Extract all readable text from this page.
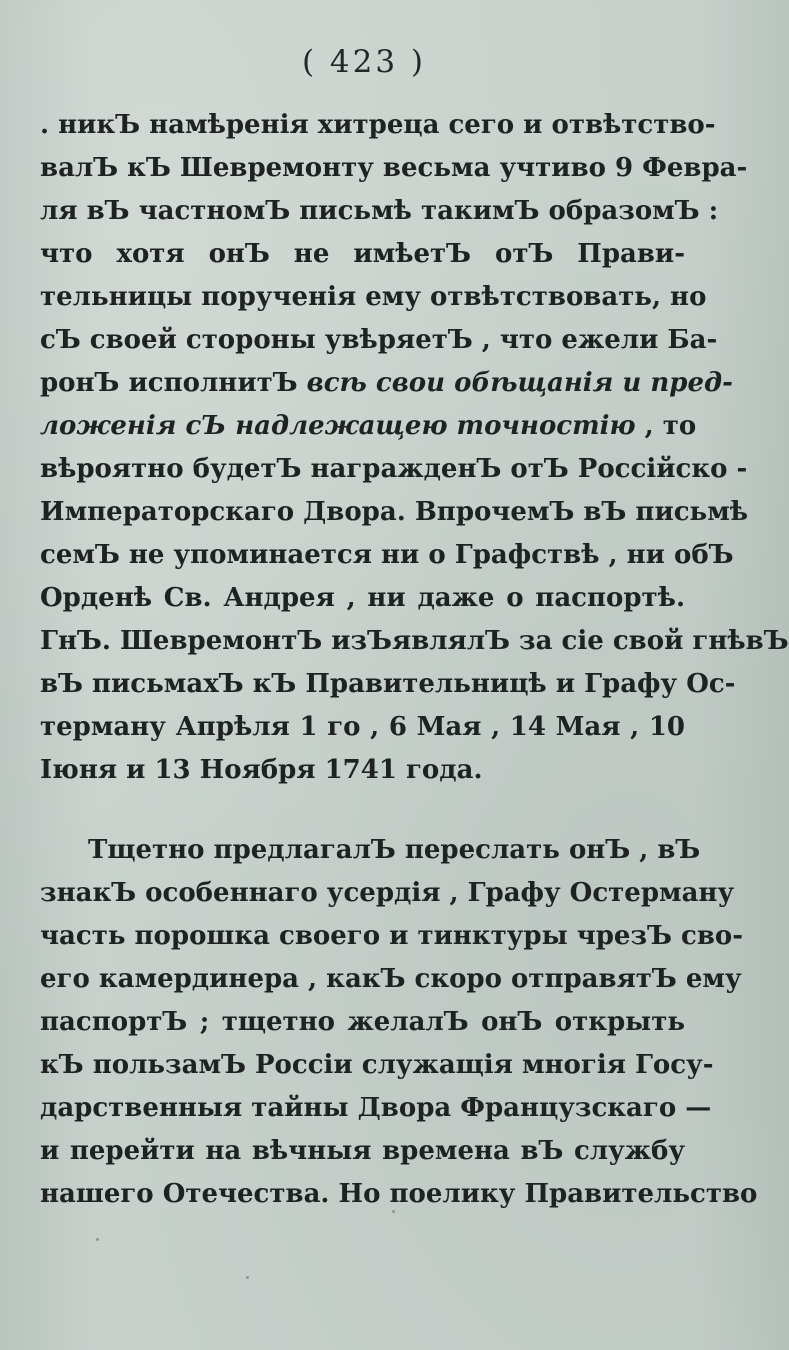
( 423 )
. никЪ намѣренія хитреца сего и отвѣтство-
валЪ кЪ Шевремонту весьма учтиво 9 Февра-
ля вЪ частномЪ письмѣ такимЪ образомЪ :
что хотя онЪ не имѣетЪ отЪ Прави-
тельницы порученія ему отвѣтствовать, но
сЪ своей стороны увѣряетЪ , что ежели Ба-
ронЪ исполнитЪ всѣ свои обѣщанія и пред-
ложенія сЪ надлежащею точностію , то
вѣроятно будетЪ награжденЪ отЪ Россійско -
Императорскаго Двора. ВпрочемЪ вЪ письмѣ
семЪ не упоминается ни о Графствѣ , ни обЪ
Орденѣ Св. Андрея , ни даже о паспортѣ.
ГнЪ. ШевремонтЪ изЪявлялЪ за сіе свой гнѣвЪ
вЪ письмахЪ кЪ Правительницѣ и Графу Ос-
терману Апрѣля 1 го , 6 Мая , 14 Мая , 10
Іюня и 13 Ноября 1741 года.
Тщетно предлагалЪ переслать онЪ , вЪ
знакЪ особеннаго усердія , Графу Остерману
часть порошка своего и тинктуры чрезЪ сво-
его камердинера , какЪ скоро отправятЪ ему
паспортЪ ; тщетно желалЪ онЪ открыть
кЪ пользамЪ Россіи служащія многія Госу-
дарственныя тайны Двора Французскаго —
и перейти на вѣчныя времена вЪ службу
нашего Отечества. Но поелику Правительство
